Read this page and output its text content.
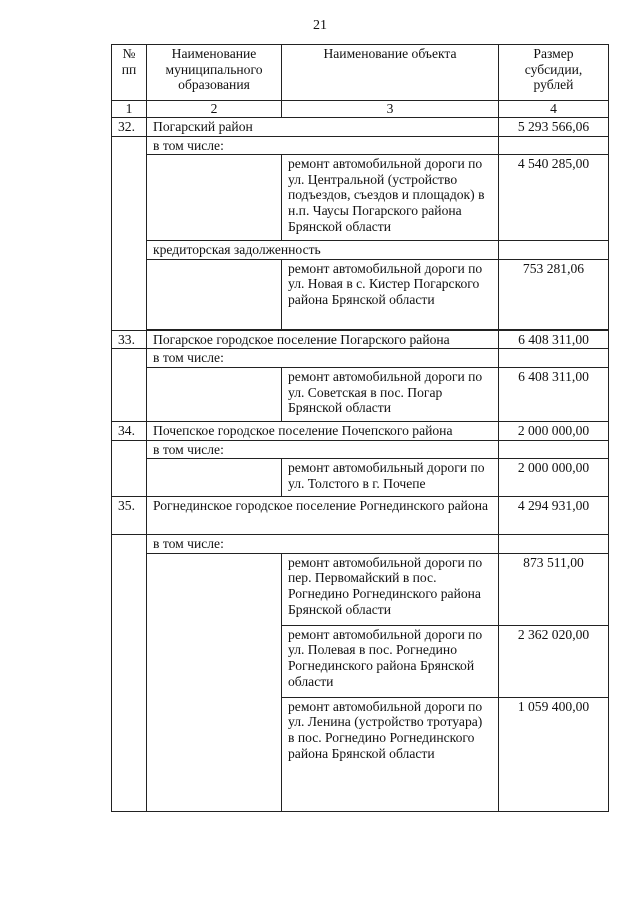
21
№ пп	Наименование муниципального образования	Наименование объекта	Размер субсидии, рублей
1	2	3	4
32.	Погарский район		5 293 566,06
	в том числе:		
		ремонт автомобильной дороги по ул. Центральной (устройство подъездов, съездов и площадок) в н.п. Чаусы Погарского района Брянской области	4 540 285,00
	кредиторская задолженность		
		ремонт автомобильной дороги по ул. Новая в с. Кистер Погарского района Брянской области	753 281,06

33.	Погарское городское поселение Погарского района		6 408 311,00
	в том числе:		
		ремонт автомобильной дороги по ул. Советская в пос. Погар Брянской области	6 408 311,00
34.	Почепское городское поселение Почепского района		2 000 000,00
	в том числе:		
		ремонт автомобильный дороги по ул. Толстого в г. Почепе	2 000 000,00
35.	Рогнединское городское поселение Рогнединского района		4 294 931,00
	в том числе:		
		ремонт автомобильной дороги по пер. Первомайский в пос. Рогнедино Рогнединского района Брянской области	873 511,00
		ремонт автомобильной дороги по ул. Полевая в пос. Рогнедино Рогнединского района Брянской области	2 362 020,00
		ремонт автомобильной дороги по ул. Ленина (устройство тротуара) в пос. Рогнедино Рогнединского района Брянской области	1 059 400,00
